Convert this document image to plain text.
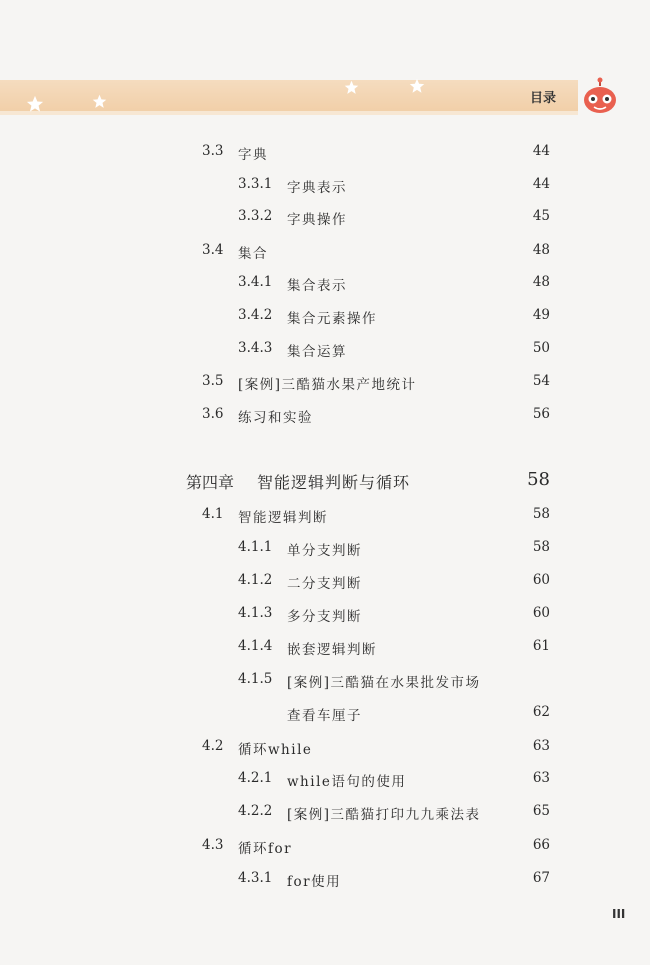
目录
3.3 字典	44
3.3.1 字典表示	44
3.3.2 字典操作	45
3.4 集合	48
3.4.1 集合表示	48
3.4.2 集合元素操作	49
3.4.3 集合运算	50
3.5 [案例]三酷猫水果产地统计	54
3.6 练习和实验	56
第四章 智能逻辑判断与循环	58
4.1 智能逻辑判断	58
4.1.1 单分支判断	58
4.1.2 二分支判断	60
4.1.3 多分支判断	60
4.1.4 嵌套逻辑判断	61
4.1.5 [案例]三酷猫在水果批发市场
查看车厘子	62
4.2 循环while	63
4.2.1 while语句的使用	63
4.2.2 [案例]三酷猫打印九九乘法表	65
4.3 循环for	66
4.3.1 for使用	67
III
